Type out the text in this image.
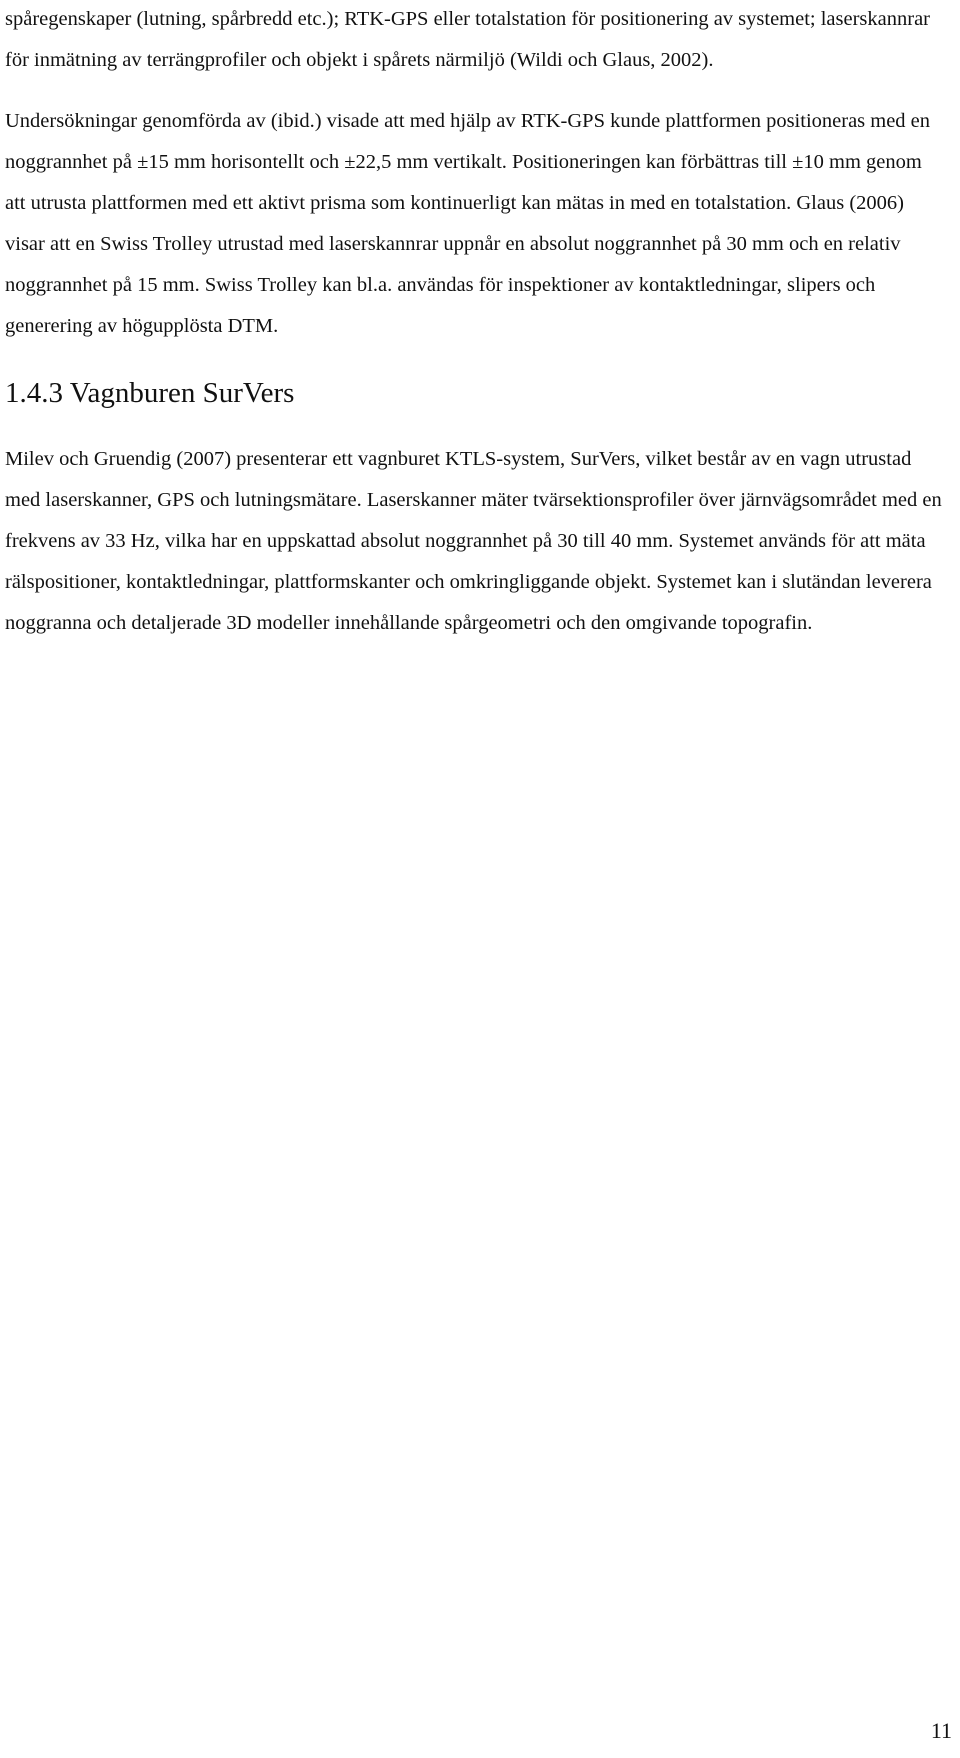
spåregenskaper (lutning, spårbredd etc.); RTK-GPS eller totalstation för positionering av systemet; laserskannrar för inmätning av terrängprofiler och objekt i spårets närmiljö (Wildi och Glaus, 2002).

Undersökningar genomförda av (ibid.) visade att med hjälp av RTK-GPS kunde plattformen positioneras med en noggrannhet på ±15 mm horisontellt och ±22,5 mm vertikalt. Positioneringen kan förbättras till ±10 mm genom att utrusta plattformen med ett aktivt prisma som kontinuerligt kan mätas in med en totalstation. Glaus (2006) visar att en Swiss Trolley utrustad med laserskannrar uppnår en absolut noggrannhet på 30 mm och en relativ noggrannhet på 15 mm. Swiss Trolley kan bl.a. användas för inspektioner av kontaktledningar, slipers och generering av högupplösta DTM.

1.4.3 Vagnburen SurVers

Milev och Gruendig (2007) presenterar ett vagnburet KTLS-system, SurVers, vilket består av en vagn utrustad med laserskanner, GPS och lutningsmätare. Laserskanner mäter tvärsektionsprofiler över järnvägsområdet med en frekvens av 33 Hz, vilka har en uppskattad absolut noggrannhet på 30 till 40 mm. Systemet används för att mäta rälspositioner, kontaktledningar, plattformskanter och omkringliggande objekt. Systemet kan i slutändan leverera noggranna och detaljerade 3D modeller innehållande spårgeometri och den omgivande topografin.

11
